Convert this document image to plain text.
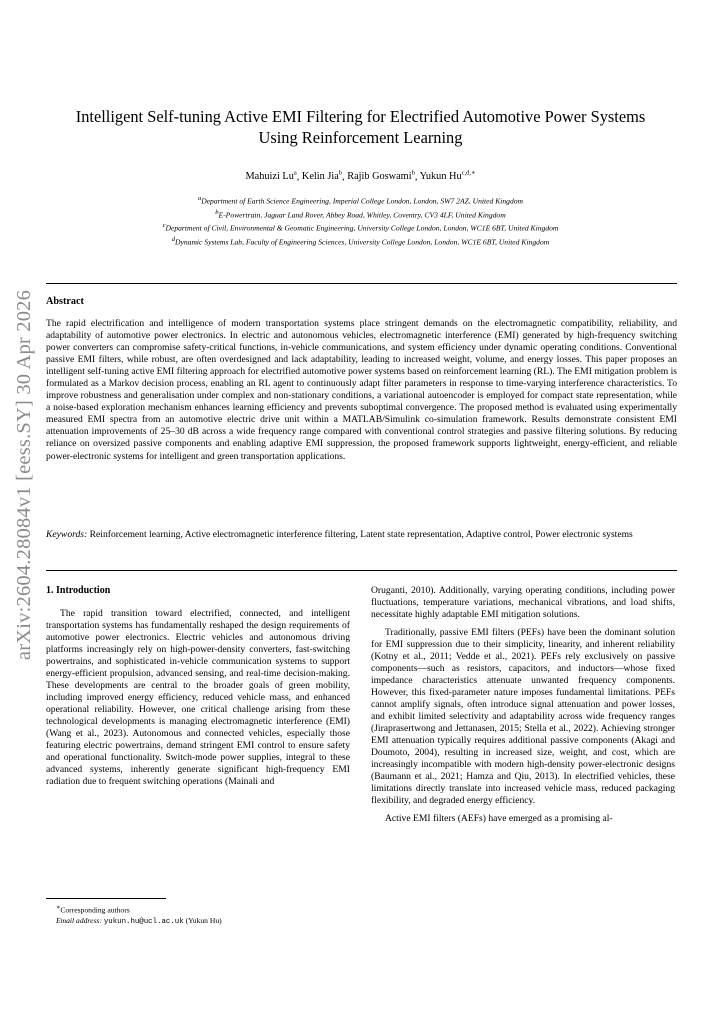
arXiv:2604.28084v1 [eess.SY] 30 Apr 2026
Intelligent Self-tuning Active EMI Filtering for Electrified Automotive Power Systems
Using Reinforcement Learning
Mahuizi Lu$^a$, Kelin Jia$^b$, Rajib Goswami$^b$, Yukun $Hu^{c,d,∗}$
$^a$Department of Earth Science Engineering, Imperial College London, London, SW7 2AZ, United Kingdom
$^b$E-Powertrain, Jaguar Land Rover, Abbey Road, Whitley, Coventry, CV3 4LF, United Kingdom
$^c$Department of Civil, Environmental & Geomatic Engineering, University College London, London, WC1E 6BT, United Kingdom
$^d$Dynamic Systems Lab, Faculty of Engineering Sciences, University College London, London, WC1E 6BT, United Kingdom
Abstract
The rapid electrification and intelligence of modern transportation systems place stringent demands on the electromagnetic compatibility, reliability, and adaptability of automotive power electronics. In electric and autonomous vehicles, electromagnetic interference (EMI) generated by high-frequency switching power converters can compromise safety-critical functions, in-vehicle communications, and system efficiency under dynamic operating conditions. Conventional passive EMI filters, while robust, are often overdesigned and lack adaptability, leading to increased weight, volume, and energy losses. This paper proposes an intelligent self-tuning active EMI filtering approach for electrified automotive power systems based on reinforcement learning (RL). The EMI mitigation problem is formulated as a Markov decision process, enabling an RL agent to continuously adapt filter parameters in response to time-varying interference characteristics. To improve robustness and generalisation under complex and non-stationary conditions, a variational autoencoder is employed for compact state representation, while a noise-based exploration mechanism enhances learning efficiency and prevents suboptimal convergence. The proposed method is evaluated using experimentally measured EMI spectra from an automotive electric drive unit within a MATLAB/Simulink co-simulation framework. Results demonstrate consistent EMI attenuation improvements of 25–30 dB across a wide frequency range compared with conventional control strategies and passive filtering solutions. By reducing reliance on oversized passive components and enabling adaptive EMI suppression, the proposed framework supports lightweight, energy-efficient, and reliable power-electronic systems for intelligent and green transportation applications.
Keywords: Reinforcement learning, Active electromagnetic interference filtering, Latent state representation, Adaptive control, Power electronic systems

1. Introduction

The rapid transition toward electrified, connected, and intelligent transportation systems has fundamentally reshaped the design requirements of automotive power electronics. Electric vehicles and autonomous driving platforms increasingly rely on high-power-density converters, fast-switching powertrains, and sophisticated in-vehicle communication systems to support energy-efficient propulsion, advanced sensing, and real-time decision-making. These developments are central to the broader goals of green mobility, including improved energy efficiency, reduced vehicle mass, and enhanced operational reliability. However, one critical challenge arising from these technological developments is managing electromagnetic interference (EMI) (Wang et al., 2023). Autonomous and connected vehicles, especially those featuring electric powertrains, demand stringent EMI control to ensure safety and operational functionality. Switch-mode power supplies, integral to these advanced systems, inherently generate significant high-frequency EMI radiation due to frequent switching operations (Mainali and

Oruganti, 2010). Additionally, varying operating conditions, including power fluctuations, temperature variations, mechanical vibrations, and load shifts, necessitate highly adaptable EMI mitigation solutions.

Traditionally, passive EMI filters (PEFs) have been the dominant solution for EMI suppression due to their simplicity, linearity, and inherent reliability (Kotny et al., 2011; Vedde et al., 2021). PEFs rely exclusively on passive components—such as resistors, capacitors, and inductors—whose fixed impedance characteristics attenuate unwanted frequency components. However, this fixed-parameter nature imposes fundamental limitations. PEFs cannot amplify signals, often introduce signal attenuation and power losses, and exhibit limited selectivity and adaptability across wide frequency ranges (Jiraprasertwong and Jettanasen, 2015; Stella et al., 2022). Achieving stronger EMI attenuation typically requires additional passive components (Akagi and Doumoto, 2004), resulting in increased size, weight, and cost, which are increasingly incompatible with modern high-density power-electronic designs (Baumann et al., 2021; Hamza and Qiu, 2013). In electrified vehicles, these limitations directly translate into increased vehicle mass, reduced packaging flexibility, and degraded energy efficiency.

Active EMI filters (AEFs) have emerged as a promising al-

∗Corresponding authors
Email address: yukun.hu@ucl.ac.uk (Yukun Hu)
